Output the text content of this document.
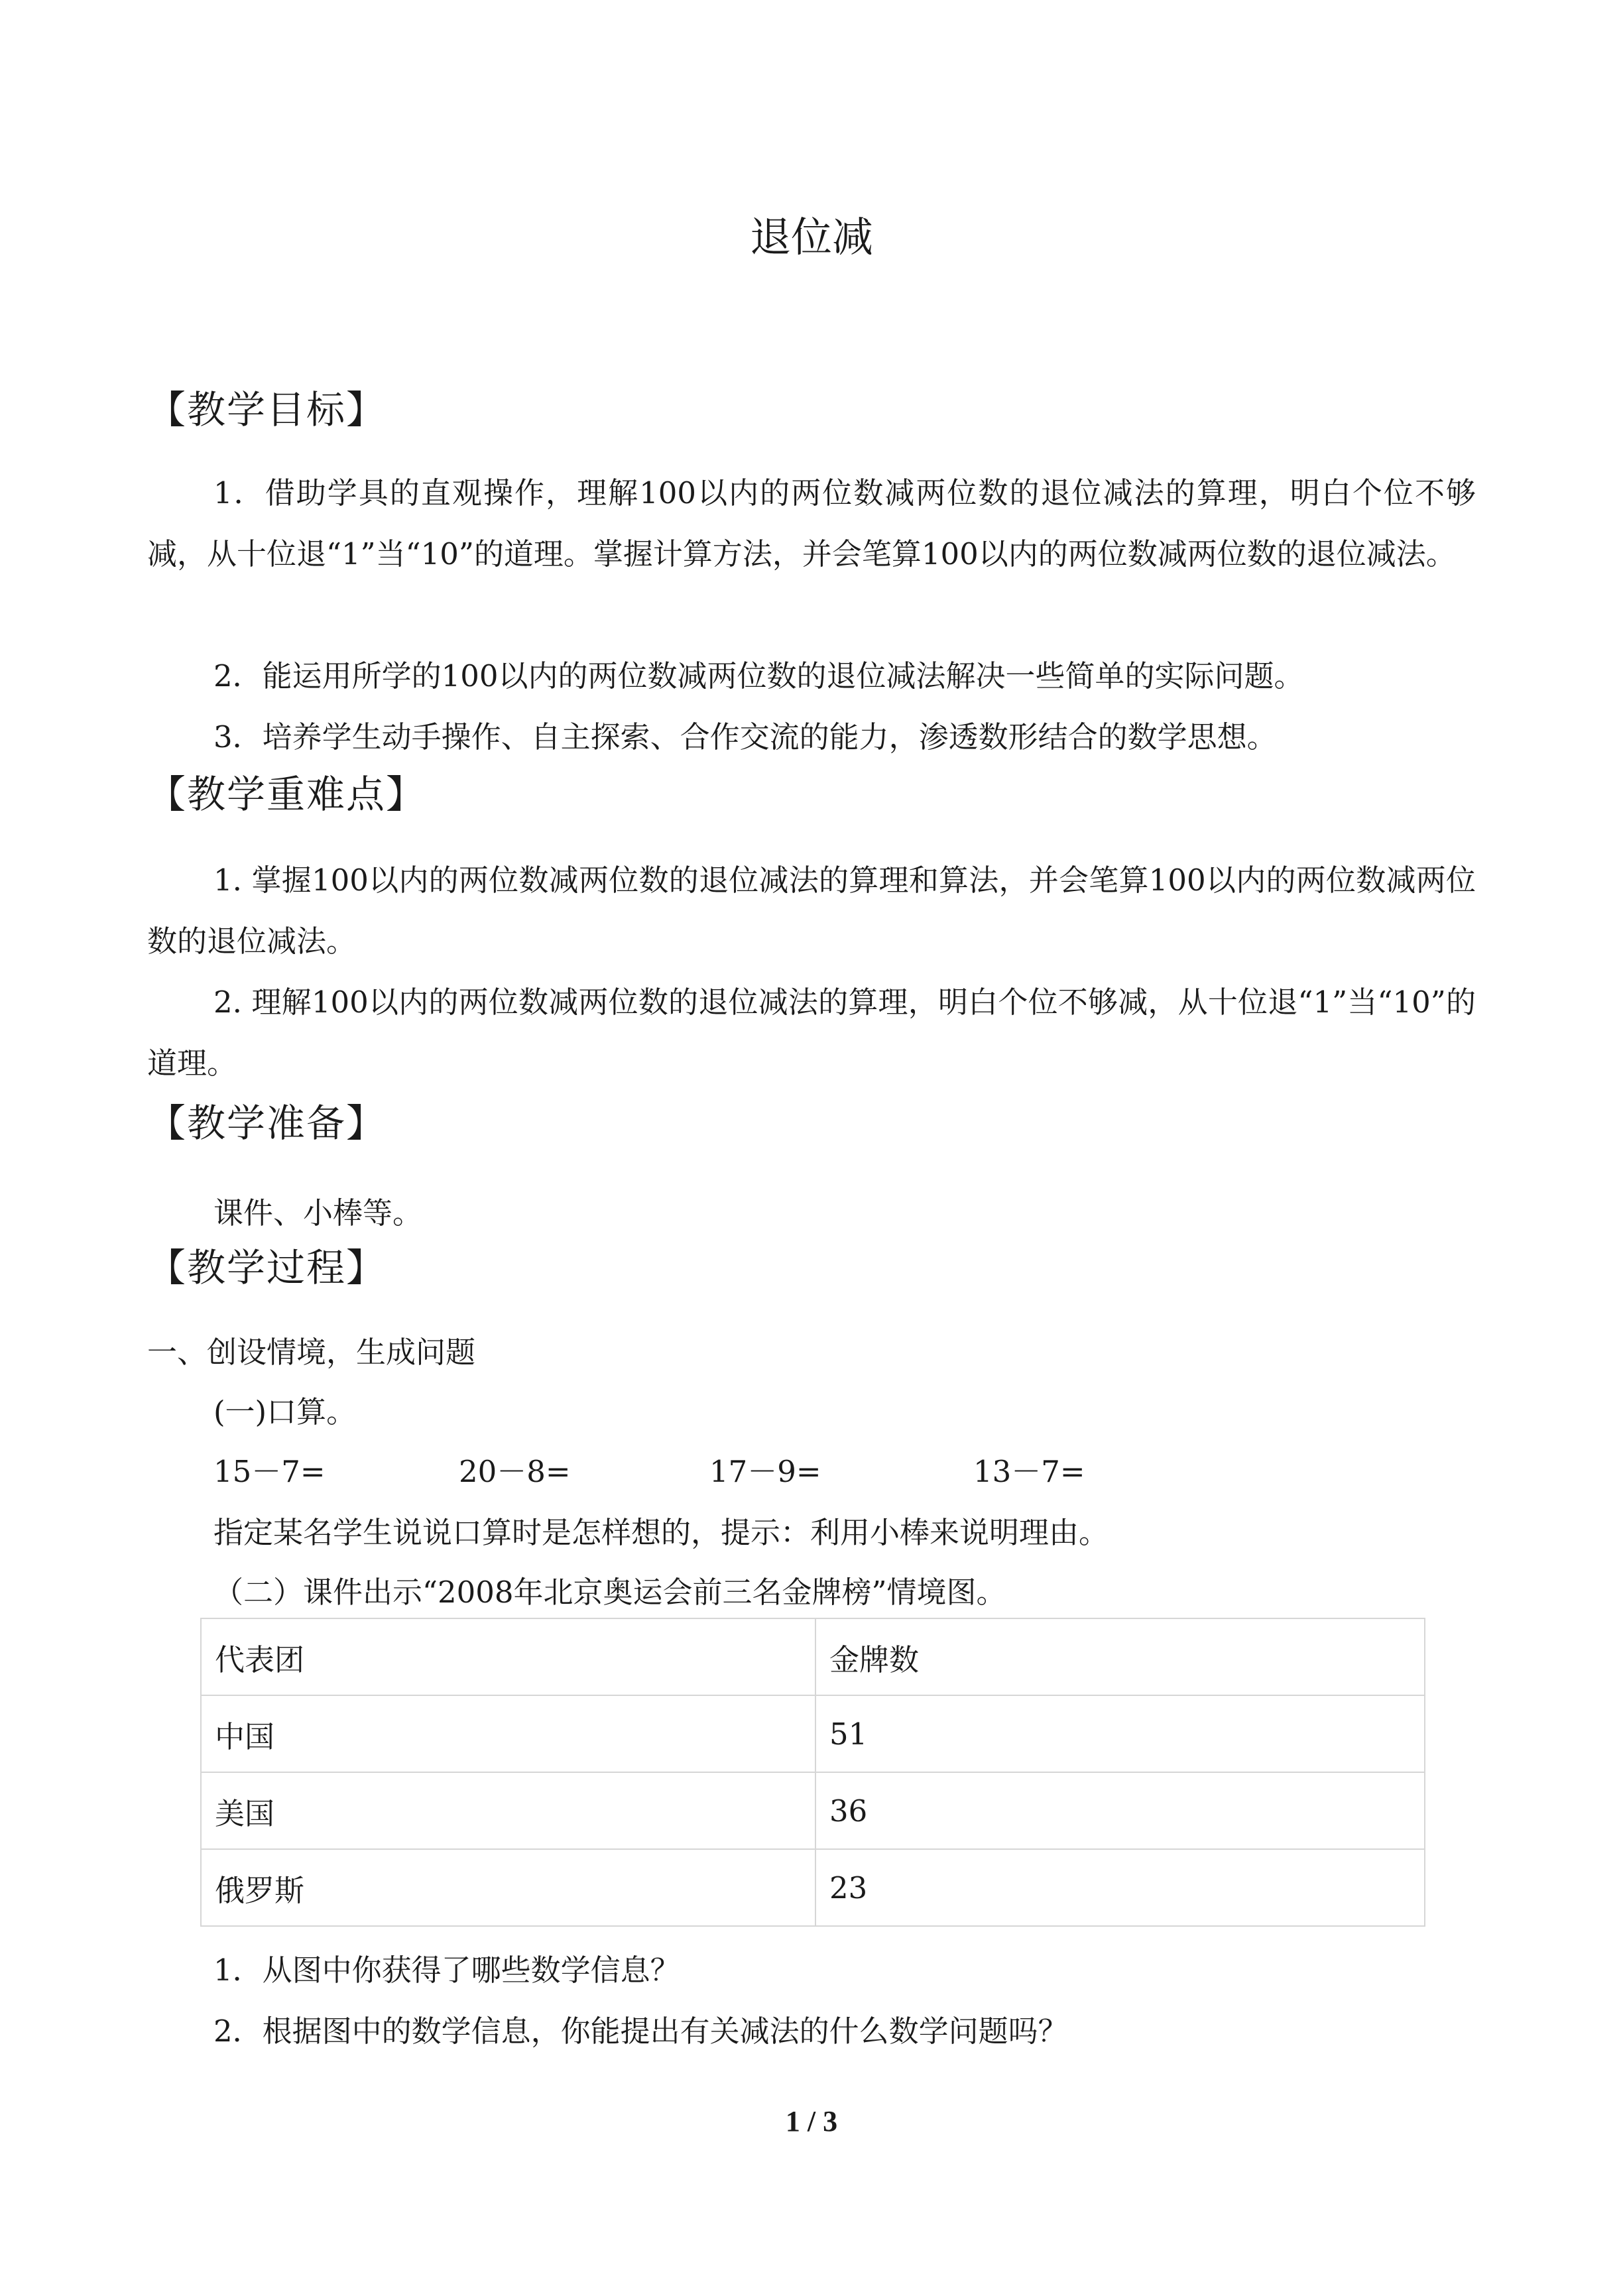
退位减
【教学目标】

1．借助学具的直观操作，理解100以内的两位数减两位数的退位减法的算理，明白个位不够减，从十位退“1”当“10”的道理。掌握计算方法，并会笔算100以内的两位数减两位数的退位减法。

2．能运用所学的100以内的两位数减两位数的退位减法解决一些简单的实际问题。

3．培养学生动手操作、自主探索、合作交流的能力，渗透数形结合的数学思想。

【教学重难点】

1. 掌握100以内的两位数减两位数的退位减法的算理和算法，并会笔算100以内的两位数减两位数的退位减法。

2. 理解100以内的两位数减两位数的退位减法的算理，明白个位不够减，从十位退“1”当“10”的道理。

【教学准备】

课件、小棒等。

【教学过程】

一、创设情境，生成问题

(一)口算。

15－7=	20－8=	17－9=	13－7=

指定某名学生说说口算时是怎样想的，提示：利用小棒来说明理由。

（二）课件出示“2008年北京奥运会前三名金牌榜”情境图。

代表团	金牌数
中国	51
美国	36
俄罗斯	23

1．从图中你获得了哪些数学信息？

2．根据图中的数学信息，你能提出有关减法的什么数学问题吗？

1 / 3
